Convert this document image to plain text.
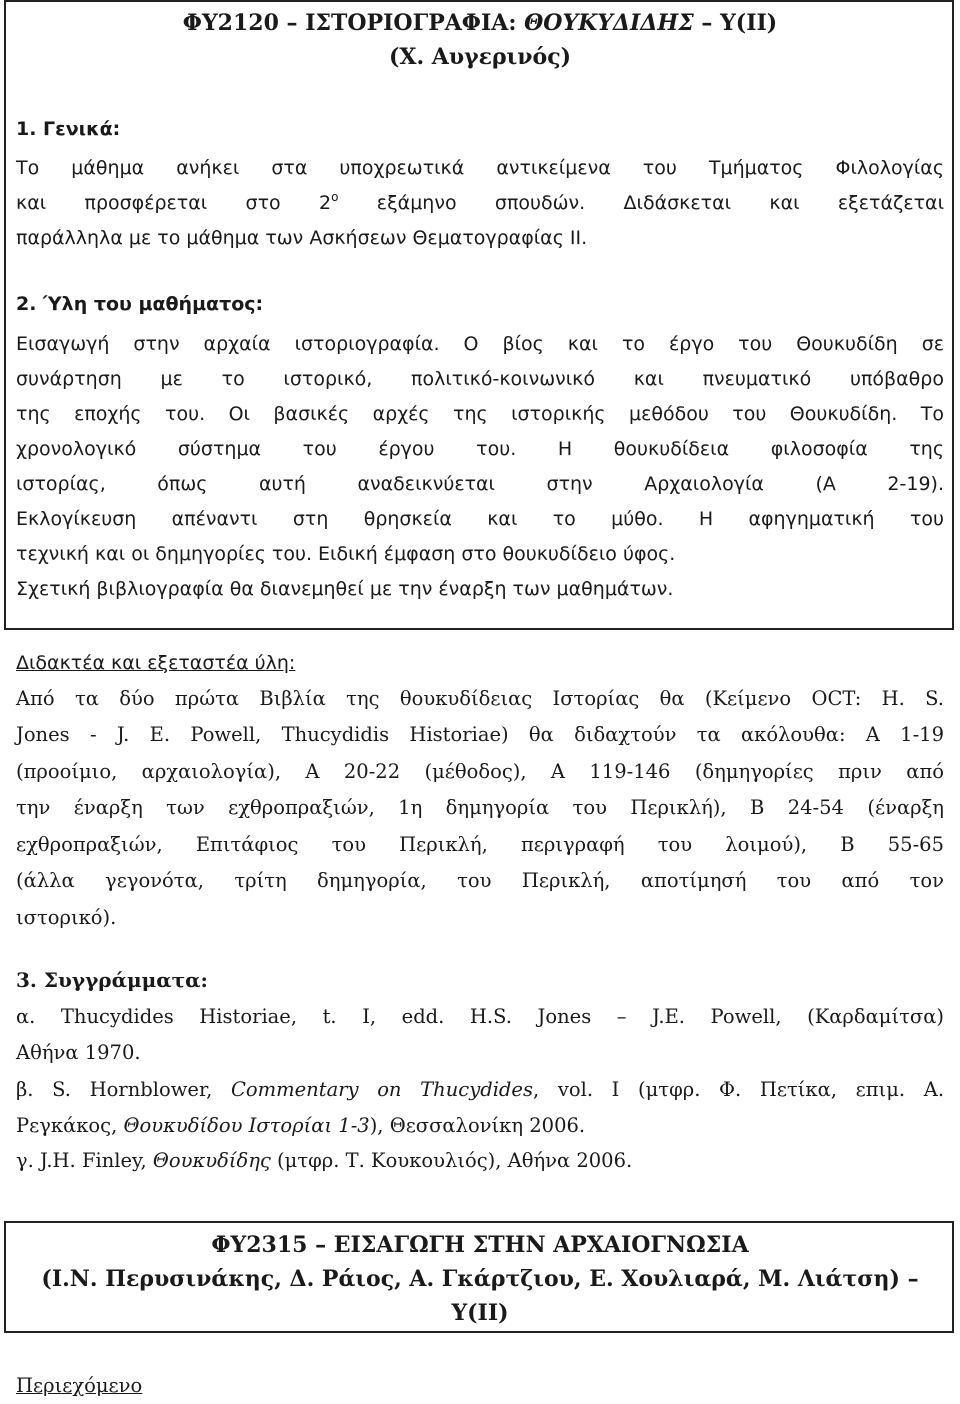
ΦΥ2120 – ΙΣΤΟΡΙΟΓΡΑΦΙΑ: ΘΟΥΚΥΔΙΔΗΣ – Υ(ΙΙ)
(Χ. Αυγερινός)
1. Γενικά:
Το μάθημα ανήκει στα υποχρεωτικά αντικείμενα του Τμήματος Φιλολογίας
και προσφέρεται στο $2^o$ εξάμηνο σπουδών. Διδάσκεται και εξετάζεται
παράλληλα με το μάθημα των Ασκήσεων Θεματογραφίας ΙΙ.
2. Ύλη του μαθήματος:
Εισαγωγή στην αρχαία ιστοριογραφία. Ο βίος και το έργο του Θουκυδίδη σε
συνάρτηση με το ιστορικό, πολιτικό-κοινωνικό και πνευματικό υπόβαθρο
της εποχής του. Οι βασικές αρχές της ιστορικής μεθόδου του Θουκυδίδη. Το
χρονολογικό σύστημα του έργου του. Η θουκυδίδεια φιλοσοφία της
ιστορίας, όπως αυτή αναδεικνύεται στην Αρχαιολογία (Α 2-19).
Εκλογίκευση απέναντι στη θρησκεία και το μύθο. Η αφηγηματική του
τεχνική και οι δημηγορίες του. Ειδική έμφαση στο θουκυδίδειο ύφος.
Σχετική βιβλιογραφία θα διανεμηθεί με την έναρξη των μαθημάτων.
Διδακτέα και εξεταστέα ύλη:
Από τα δύο πρώτα Βιβλία της θουκυδίδειας Ιστορίας θα (Κείμενο OCT: H. S.
Jones - J. E. Powell, Thucydidis Historiae) θα διδαχτούν τα ακόλουθα: Α 1-19
(προοίμιο, αρχαιολογία), Α 20-22 (μέθοδος), Α 119-146 (δημηγορίες πριν από
την έναρξη των εχθροπραξιών, 1η δημηγορία του Περικλή), Β 24-54 (έναρξη
εχθροπραξιών, Επιτάφιος του Περικλή, περιγραφή του λοιμού), Β 55-65
(άλλα γεγονότα, τρίτη δημηγορία, του Περικλή, αποτίμησή του από τον
ιστορικό).
3. Συγγράμματα:
α. Thucydides Historiae, t. I, edd. H.S. Jones – J.E. Powell, (Καρδαμίτσα)
Αθήνα 1970.
β. S. Hornblower, Commentary on Thucydides, vol. I (μτφρ. Φ. Πετίκα, επιμ. Α.
Ρεγκάκος, Θουκυδίδου Ιστορίαι 1-3), Θεσσαλονίκη 2006.
γ. J.H. Finley, Θουκυδίδης (μτφρ. Τ. Κουκουλιός), Αθήνα 2006.
ΦΥ2315 – ΕΙΣΑΓΩΓΗ ΣΤΗΝ ΑΡΧΑΙΟΓΝΩΣΙΑ
(Ι.Ν. Περυσινάκης, Δ. Ράιος, Α. Γκάρτζιου, Ε. Χουλιαρά, Μ. Λιάτση) –
Υ(ΙΙ)
Περιεχόμενο
